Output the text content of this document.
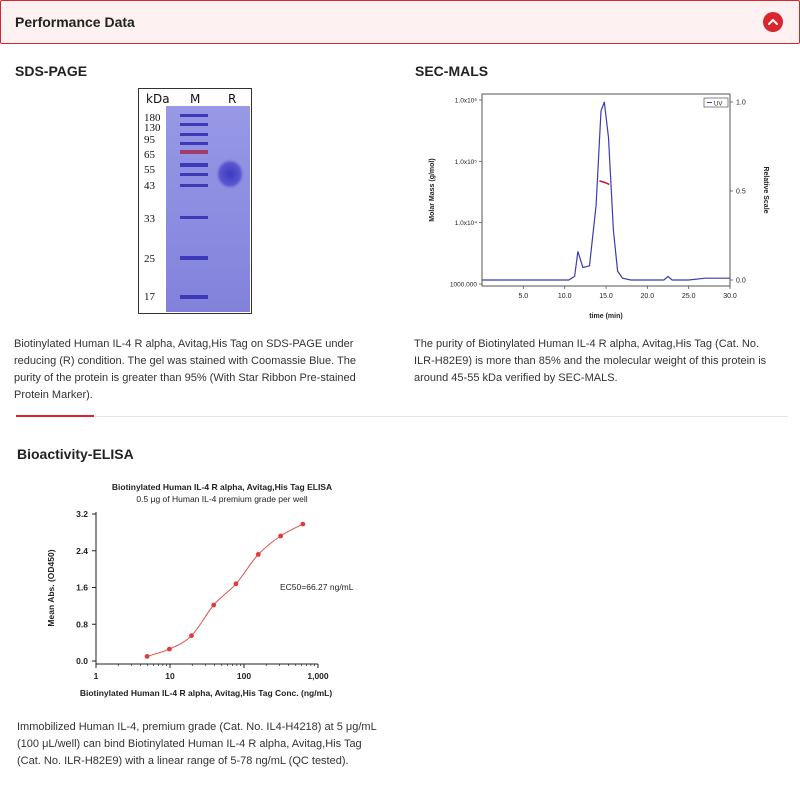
Performance Data
SDS-PAGE
kDa M R
180
130
95
65
55
43
33
25
17
Biotinylated Human IL-4 R alpha, Avitag,His Tag on SDS-PAGE under
reducing (R) condition. The gel was stained with Coomassie Blue. The
purity of the protein is greater than 95% (With Star Ribbon Pre-stained
Protein Marker).
SEC-MALS
5.0	10.0	15.0	20.0	25.0	30.0
1000.000
1.0x10⁴
1.0x10⁵
1.0x10⁶
0.0
0.5
1.0
UV
time (min)
Molar Mass (g/mol)	Relative Scale
The purity of Biotinylated Human IL-4 R alpha, Avitag,His Tag (Cat. No.
ILR-H82E9) is more than 85% and the molecular weight of this protein is
around 45-55 kDa verified by SEC-MALS.
Bioactivity-ELISA
Biotinylated Human IL-4 R alpha, Avitag,His Tag ELISA
0.5 μg of Human IL-4 premium grade per well
1	10	100	1,000
0.0
0.8
1.6
2.4
3.2
EC50=66.27 ng/mL
Biotinylated Human IL-4 R alpha, Avitag,His Tag Conc. (ng/mL)
Mean Abs. (OD450)
Immobilized Human IL-4, premium grade (Cat. No. IL4-H4218) at 5 μg/mL
(100 μL/well) can bind Biotinylated Human IL-4 R alpha, Avitag,His Tag
(Cat. No. ILR-H82E9) with a linear range of 5-78 ng/mL (QC tested).
